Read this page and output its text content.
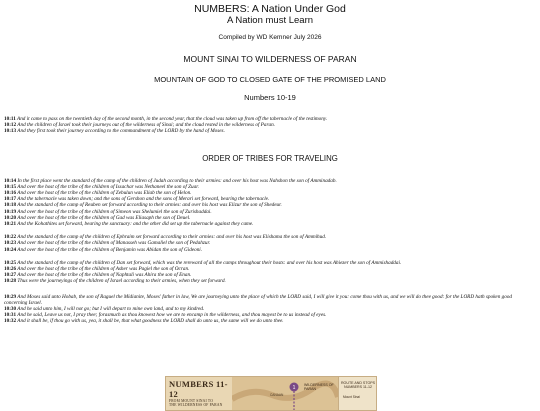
NUMBERS: A Nation Under God
A Nation must Learn
Compiled by WD Kemner July 2026
MOUNT SINAI TO WILDERNESS OF PARAN
MOUNTAIN OF GOD TO CLOSED GATE OF THE PROMISED LAND
Numbers 10-19
10:11 And it came to pass on the twentieth day of the second month, in the second year, that the cloud was taken up from off the tabernacle of the testimony.
10:12 And the children of Israel took their journeys out of the wilderness of Sinai; and the cloud rested in the wilderness of Paran.
10:13 And they first took their journey according to the commandment of the LORD by the hand of Moses.
ORDER OF TRIBES FOR TRAVELING
10:14 In the first place went the standard of the camp of the children of Judah according to their armies: and over his host was Nahshon the son of Amminadab.
10:15 And over the host of the tribe of the children of Issachar was Nethaneel the son of Zuar.
10:16 And over the host of the tribe of the children of Zebulun was Eliab the son of Helon.
10:17 And the tabernacle was taken down; and the sons of Gershon and the sons of Merari set forward, bearing the tabernacle.
10:18 And the standard of the camp of Reuben set forward according to their armies: and over his host was Elizur the son of Shedeur.
10:19 And over the host of the tribe of the children of Simeon was Shelumiel the son of Zurishaddai.
10:20 And over the host of the tribe of the children of Gad was Eliasaph the son of Deuel.
10:21 And the Kohathites set forward, bearing the sanctuary: and the other did set up the tabernacle against they came.
10:22 And the standard of the camp of the children of Ephraim set forward according to their armies: and over his host was Elishama the son of Ammihud.
10:23 And over the host of the tribe of the children of Manasseh was Gamaliel the son of Pedahzur.
10:24 And over the host of the tribe of the children of Benjamin was Abidan the son of Gideoni.
10:25 And the standard of the camp of the children of Dan set forward, which was the rereward of all the camps throughout their hosts: and over his host was Ahiezer the son of Ammishaddai.
10:26 And over the host of the tribe of the children of Asher was Pagiel the son of Ocran.
10:27 And over the host of the tribe of the children of Naphtali was Ahira the son of Enan.
10:28 Thus were the journeyings of the children of Israel according to their armies, when they set forward.
10:29 And Moses said unto Hobab, the son of Raguel the Midianite, Moses' father in law, We are journeying unto the place of which the LORD said, I will give it you: come thou with us, and we will do thee good: for the LORD hath spoken good concerning Israel.
10:30 And he said unto him, I will not go; but I will depart to mine own land, and to my kindred.
10:31 And he said, Leave us not, I pray thee; forasmuch as thou knowest how we are to encamp in the wilderness, and thou mayest be to us instead of eyes.
10:32 And it shall be, if thou go with us, yea, it shall be, that what goodness the LORD shall do unto us, the same will we do unto thee.
NUMBERS 11-12
FROM MOUNT SINAI TO
THE WILDERNESS OF PARAN
1
CANAAN
WILDERNESS OF PARAN
ROUTE AND STOPS NUMBERS 11-12
Mount Sinai
